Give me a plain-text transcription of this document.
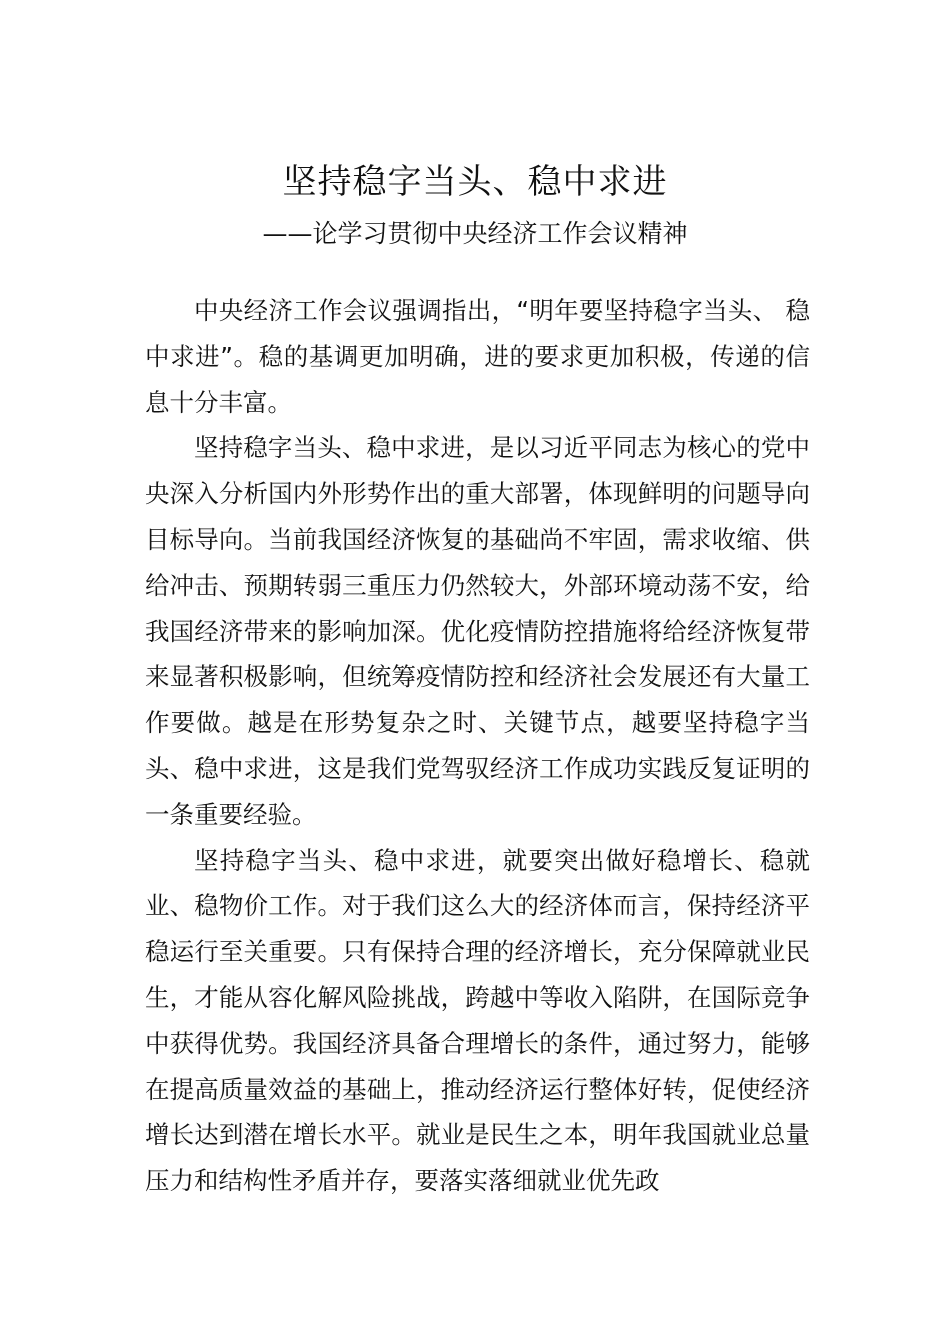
坚持稳字当头、稳中求进
——论学习贯彻中央经济工作会议精神

中央经济工作会议强调指出，“明年要坚持稳字当头、 稳中求进”。稳的基调更加明确，进的要求更加积极，传递的信息十分丰富。

坚持稳字当头、稳中求进，是以习近平同志为核心的党中央深入分析国内外形势作出的重大部署，体现鲜明的问题导向目标导向。当前我国经济恢复的基础尚不牢固，需求收缩、供给冲击、预期转弱三重压力仍然较大，外部环境动荡不安，给我国经济带来的影响加深。优化疫情防控措施将给经济恢复带来显著积极影响，但统筹疫情防控和经济社会发展还有大量工作要做。越是在形势复杂之时、关键节点，越要坚持稳字当头、稳中求进，这是我们党驾驭经济工作成功实践反复证明的一条重要经验。

坚持稳字当头、稳中求进，就要突出做好稳增长、稳就业、稳物价工作。对于我们这么大的经济体而言，保持经济平稳运行至关重要。只有保持合理的经济增长，充分保障就业民生，才能从容化解风险挑战，跨越中等收入陷阱，在国际竞争中获得优势。我国经济具备合理增长的条件，通过努力，能够在提高质量效益的基础上，推动经济运行整体好转，促使经济增长达到潜在增长水平。就业是民生之本，明年我国就业总量压力和结构性矛盾并存，要落实落细就业优先政
